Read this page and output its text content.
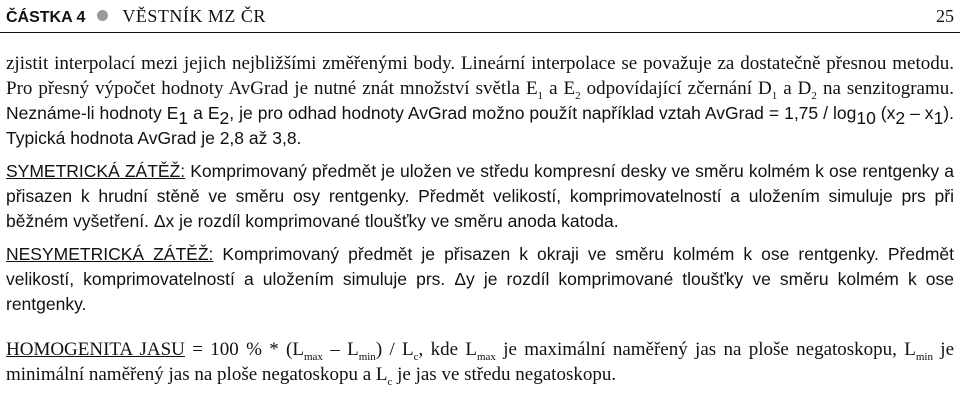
ČÁSTKA 4 VĚSTNÍK MZ ČR	25

zjistit interpolací mezi jejich nejbližšími změřenými body. Lineární interpolace se považuje za dostatečně přesnou metodu. Pro přesný výpočet hodnoty AvGrad je nutné znát množství světla $E_1$ a $E_2$ odpovídající zčernání $D_1$ a $D_2$ na senzitogramu. Neznáme-li hodnoty $E_1$ a $E_2$, je pro odhad hodnoty AvGrad možno použít například vztah AvGrad = $1,75 / \log_{10} (x_2 - x_1)$. Typická hodnota AvGrad je 2,8 až 3,8.

SYMETRICKÁ ZÁTĚŽ: Komprimovaný předmět je uložen ve středu kompresní desky ve směru kolmém k ose rentgenky a přisazen k hrudní stěně ve směru osy rentgenky. Předmět velikostí, komprimovatelností a uložením simuluje prs při běžném vyšetření. Δx je rozdíl komprimované tloušťky ve směru anoda katoda.

NESYMETRICKÁ ZÁTĚŽ: Komprimovaný předmět je přisazen k okraji ve směru kolmém k ose rentgenky. Předmět velikostí, komprimovatelností a uložením simuluje prs. Δy je rozdíl komprimované tloušťky ve směru kolmém k ose rentgenky.

HOMOGENITA JASU = 100 % * $(L_{max} - L_{min}) / L_c$, kde $L_{max}$ je maximální naměřený jas na ploše negatoskopu, $L_{min}$ je minimální naměřený jas na ploše negatoskopu a $L_c$ je jas ve středu negatoskopu.
